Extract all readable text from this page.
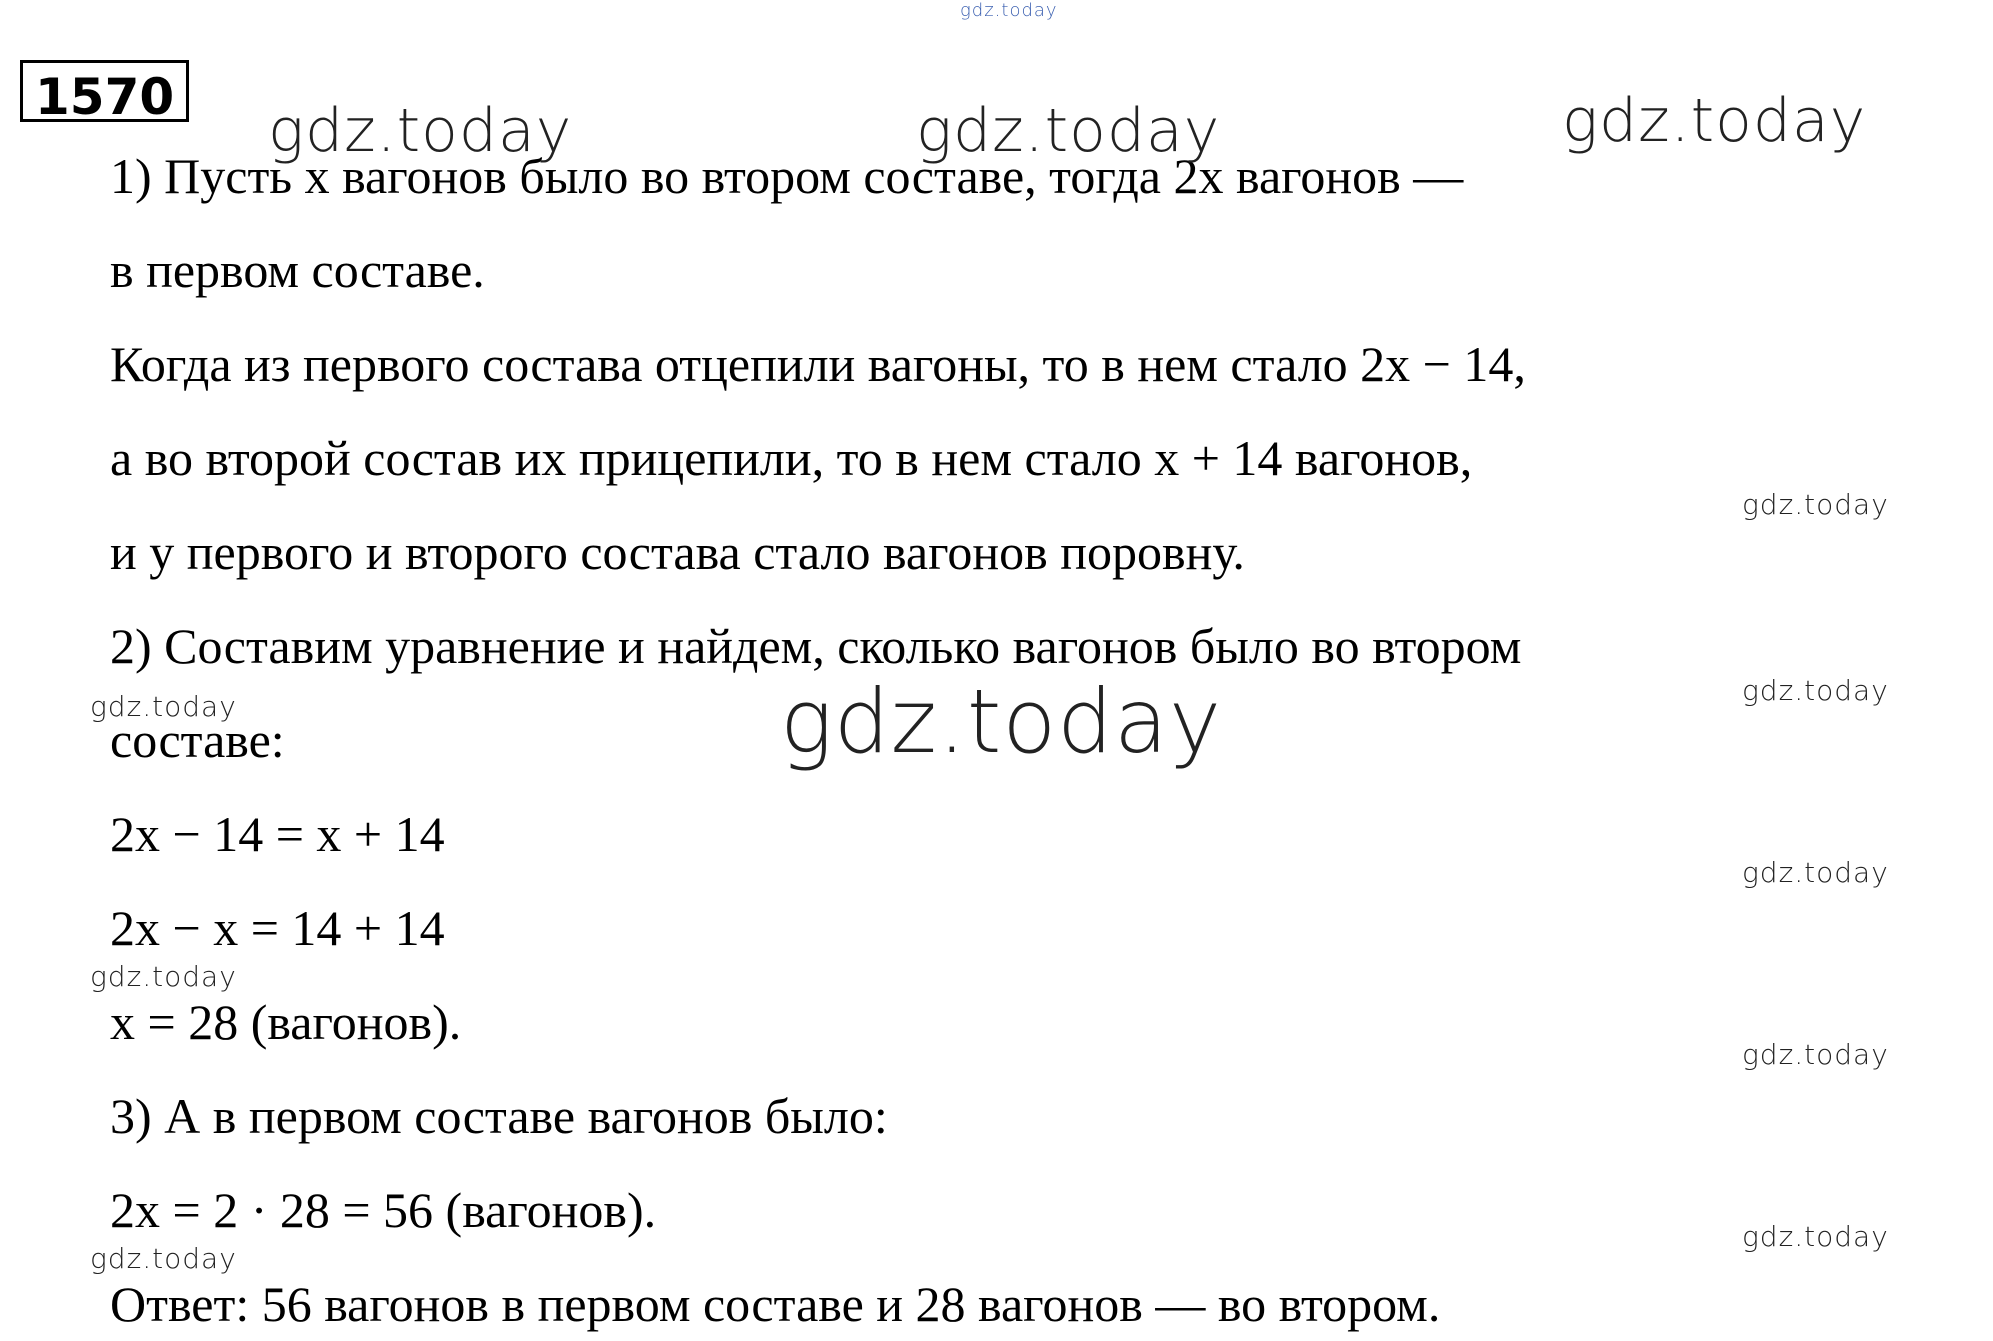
1570
1) Пусть x вагонов было во втором составе, тогда 2x вагонов —
в первом составе.
Когда из первого состава отцепили вагоны, то в нем стало 2x − 14,
а во второй состав их прицепили, то в нем стало x + 14 вагонов,
и у первого и второго состава стало вагонов поровну.
2) Составим уравнение и найдем, сколько вагонов было во втором
составе:
2x − 14 = x + 14
2x − x = 14 + 14
x = 28 (вагонов).
3) А в первом составе вагонов было:
2x = 2 · 28 = 56 (вагонов).
Ответ: 56 вагонов в первом составе и 28 вагонов — во втором.
gdz.today
gdz.today	gdz.today	gdz.today
gdz.today
gdz.today
gdz.today
gdz.today
gdz.today
gdz.today
gdz.today
gdz.today
gdz.today
